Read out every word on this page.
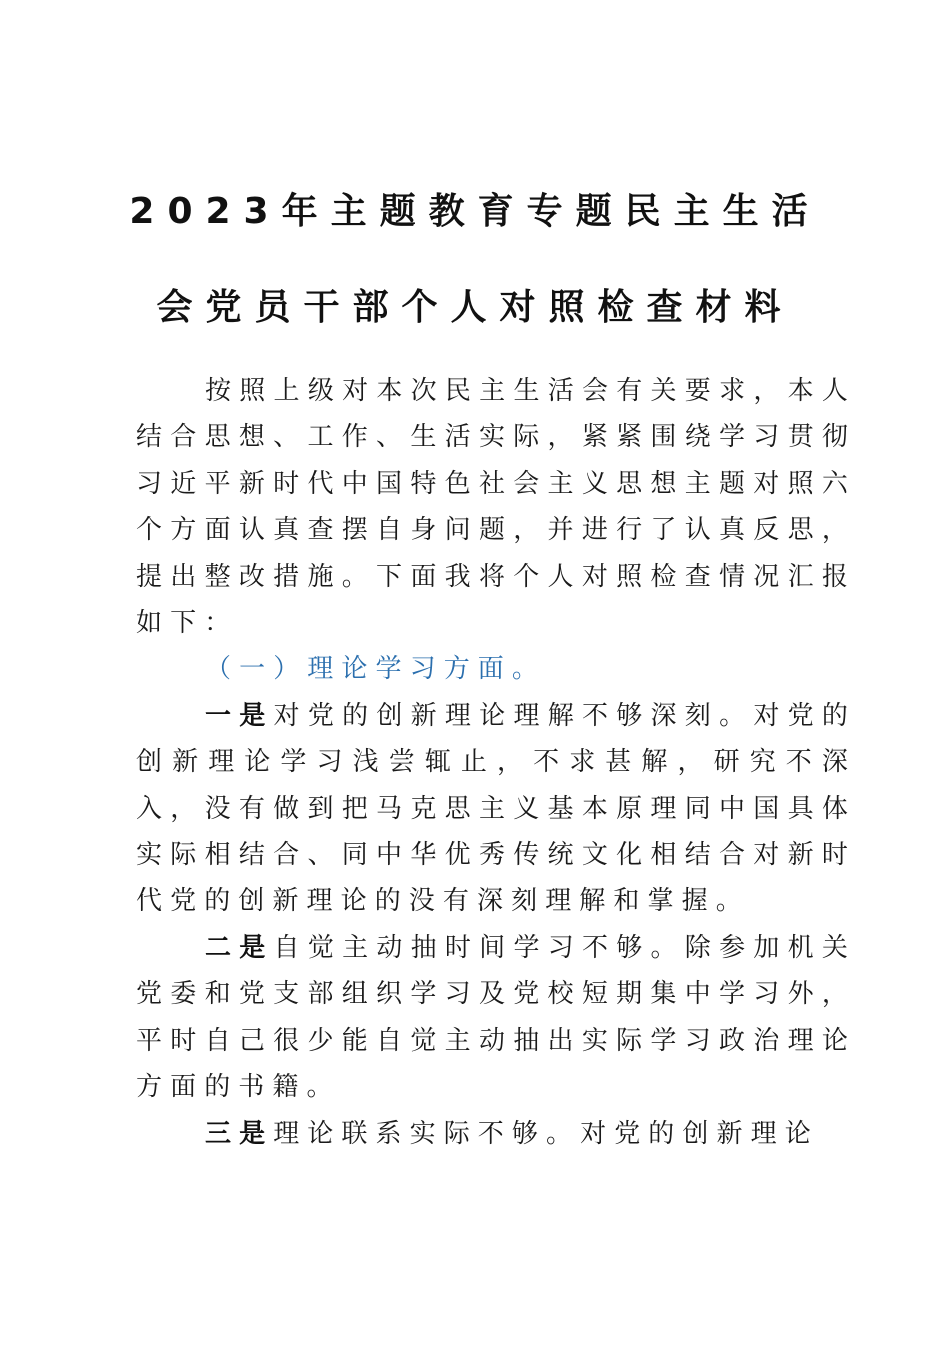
2023年主题教育专题民主生活
会党员干部个人对照检查材料

按照上级对本次民主生活会有关要求，本人结合思想、工作、生活实际，紧紧围绕学习贯彻习近平新时代中国特色社会主义思想主题对照六个方面认真查摆自身问题，并进行了认真反思，提出整改措施。下面我将个人对照检查情况汇报如下：

（一）理论学习方面。

一是对党的创新理论理解不够深刻。对党的创新理论学习浅尝辄止，不求甚解，研究不深入，没有做到把马克思主义基本原理同中国具体实际相结合、同中华优秀传统文化相结合对新时代党的创新理论的没有深刻理解和掌握。

二是自觉主动抽时间学习不够。除参加机关党委和党支部组织学习及党校短期集中学习外，平时自己很少能自觉主动抽出实际学习政治理论方面的书籍。

三是理论联系实际不够。对党的创新理论
